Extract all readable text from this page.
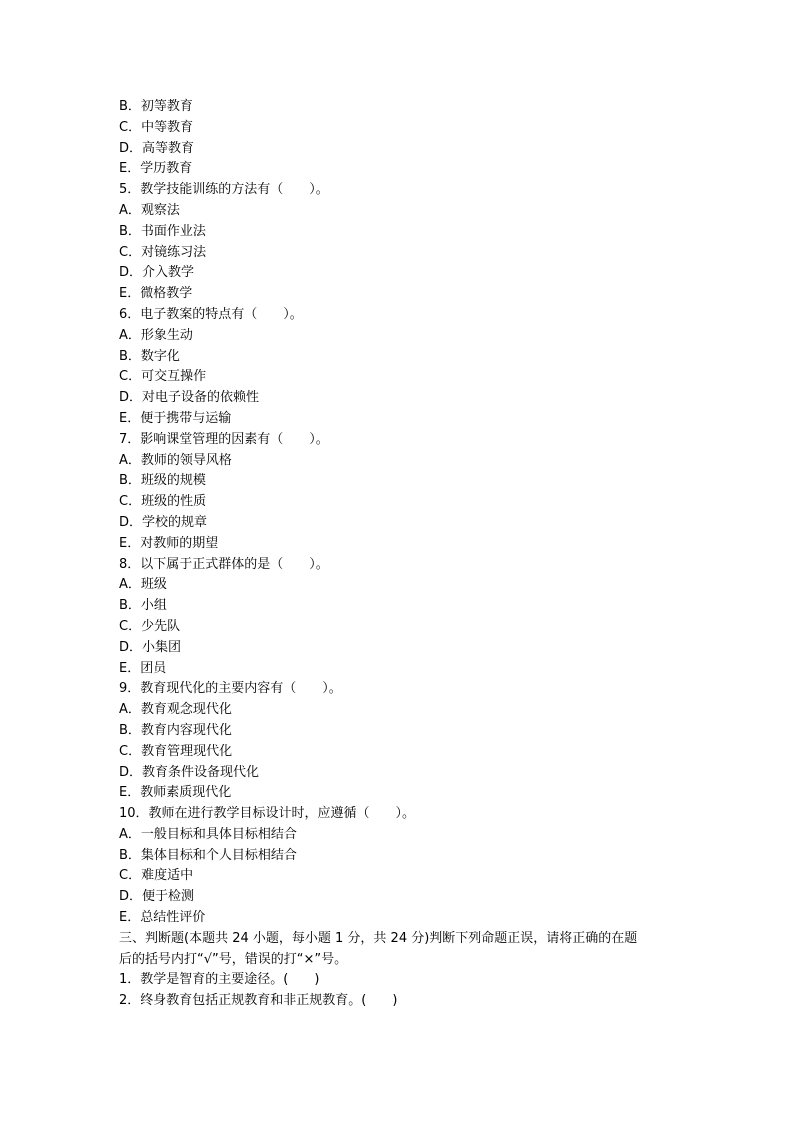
B．初等教育
C．中等教育
D．高等教育
E．学历教育
5．教学技能训练的方法有（　　）。
A．观察法
B．书面作业法
C．对镜练习法
D．介入教学
E．微格教学
6．电子教案的特点有（　　）。
A．形象生动
B．数字化
C．可交互操作
D．对电子设备的依赖性
E．便于携带与运输
7．影响课堂管理的因素有（　　）。
A．教师的领导风格
B．班级的规模
C．班级的性质
D．学校的规章
E．对教师的期望
8．以下属于正式群体的是（　　）。
A．班级
B．小组
C．少先队
D．小集团
E．团员
9．教育现代化的主要内容有（　　）。
A．教育观念现代化
B．教育内容现代化
C．教育管理现代化
D．教育条件设备现代化
E．教师素质现代化
10．教师在进行教学目标设计时，应遵循（　　）。
A．一般目标和具体目标相结合
B．集体目标和个人目标相结合
C．难度适中
D．便于检测
E．总结性评价
三、判断题(本题共 24 小题，每小题 1 分，共 24 分)判断下列命题正误，请将正确的在题
后的括号内打“√”号，错误的打“×”号。
1．教学是智育的主要途径。(　　)
2．终身教育包括正规教育和非正规教育。(　　)
